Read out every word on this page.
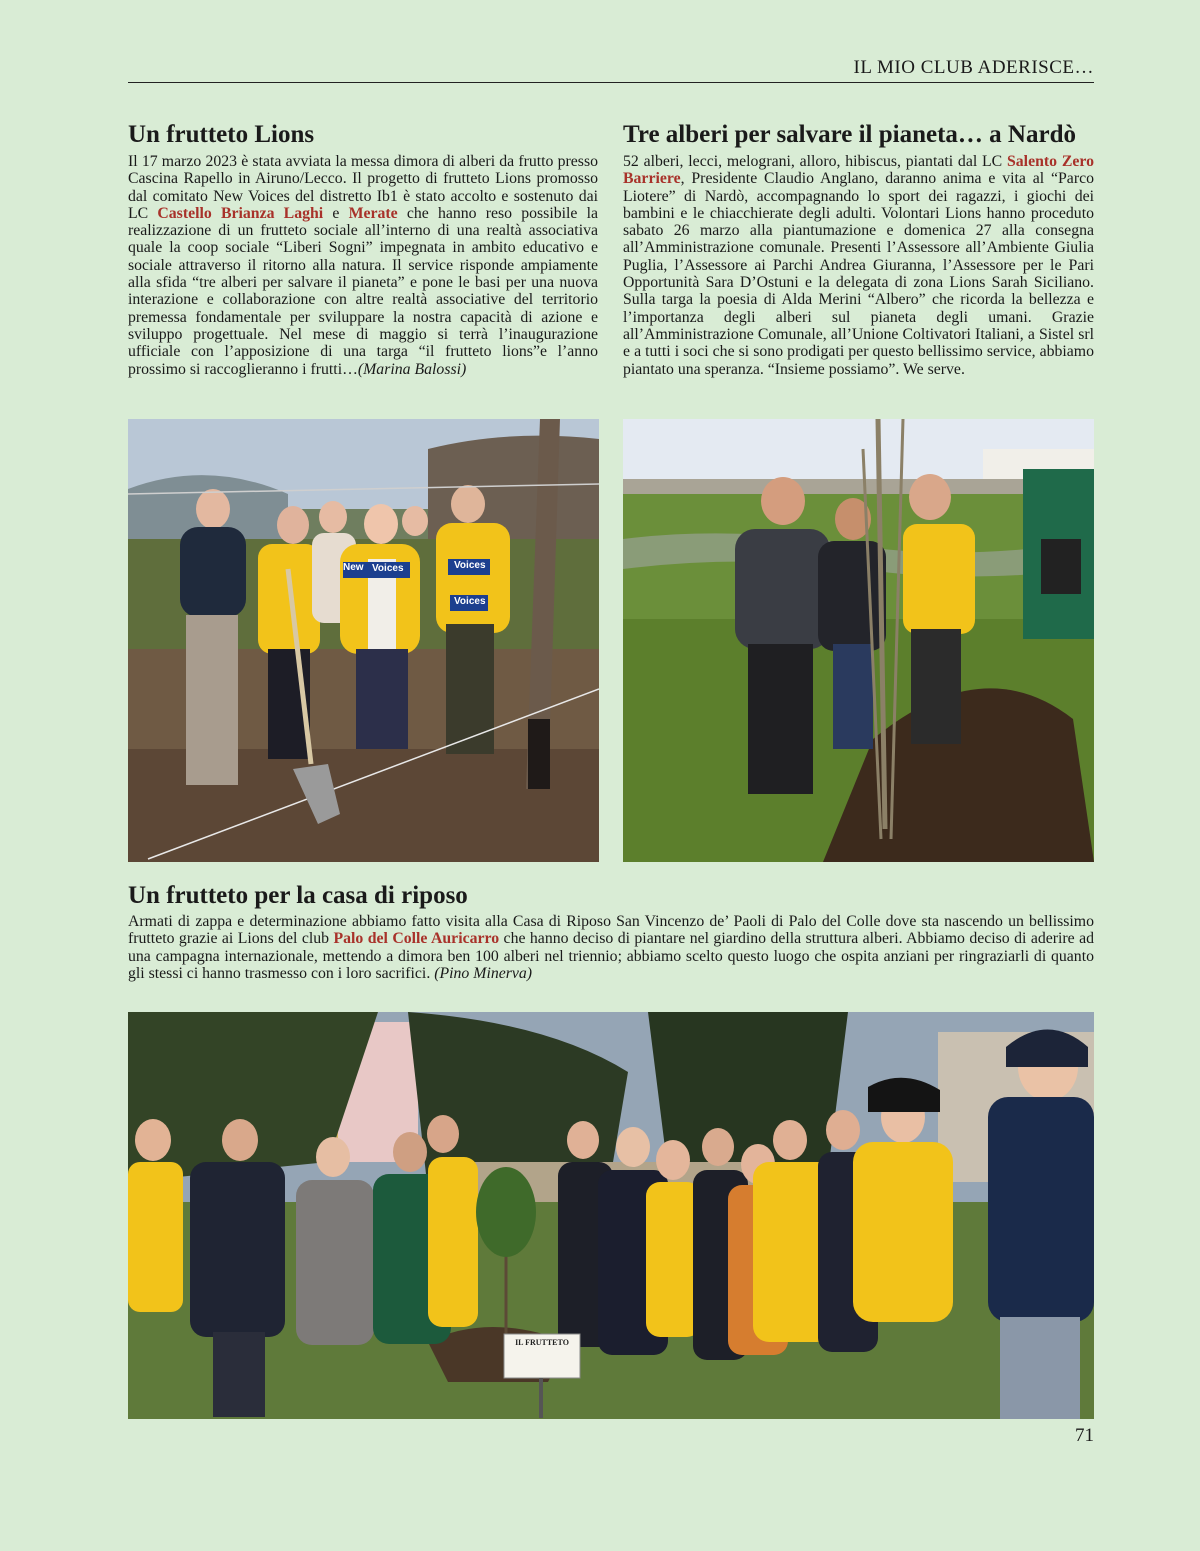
IL MIO CLUB ADERISCE…
Un frutteto Lions

Il 17 marzo 2023 è stata avviata la messa dimora di alberi da frutto presso Cascina Rapello in Airuno/Lecco. Il progetto di frutteto Lions promosso dal comitato New Voices del distretto Ib1 è stato accolto e sostenuto dai LC Castello Brianza Laghi e Merate che hanno reso possibile la realizzazione di un frutteto sociale all’interno di una realtà associativa quale la coop sociale “Liberi Sogni” impegnata in ambito educativo e sociale attraverso il ritorno alla natura. Il service risponde ampiamente alla sfida “tre alberi per salvare il pianeta” e pone le basi per una nuova interazione e collaborazione con altre realtà associative del territorio premessa fondamentale per sviluppare la nostra capacità di azione e sviluppo progettuale. Nel mese di maggio si terrà l’inaugurazione ufficiale con l’apposizione di una targa “il frutteto lions”e l’anno prossimo si raccoglieranno i frutti…(Marina Balossi)

Tre alberi per salvare il pianeta… a Nardò

52 alberi, lecci, melograni, alloro, hibiscus, piantati dal LC Salento Zero Barriere, Presidente Claudio Anglano, daranno anima e vita al “Parco Liotere” di Nardò, accompagnando lo sport dei ragazzi, i giochi dei bambini e le chiacchierate degli adulti. Volontari Lions hanno proceduto sabato 26 marzo alla piantumazione e domenica 27 alla consegna all’Amministrazione comunale. Presenti l’Assessore all’Ambiente Giulia Puglia, l’Assessore ai Parchi Andrea Giuranna, l’Assessore per le Pari Opportunità Sara D’Ostuni e la delegata di zona Lions Sarah Siciliano. Sulla targa la poesia di Alda Merini “Albero” che ricorda la bellezza e l’importanza degli alberi sul pianeta degli umani. Grazie all’Amministrazione Comunale, all’Unione Coltivatori Italiani, a Sistel srl e a tutti i soci che si sono prodigati per questo bellissimo service, abbiamo piantato una speranza. “Insieme possiamo”. We serve.

New Voices	Voices
Voices
Un frutteto per la casa di riposo

Armati di zappa e determinazione abbiamo fatto visita alla Casa di Riposo San Vincenzo de’ Paoli di Palo del Colle dove sta nascendo un bellissimo frutteto grazie ai Lions del club Palo del Colle Auricarro che hanno deciso di piantare nel giardino della struttura alberi. Abbiamo deciso di aderire ad una campagna internazionale, mettendo a dimora ben 100 alberi nel triennio; abbiamo scelto questo luogo che ospita anziani per ringraziarli di quanto gli stessi ci hanno trasmesso con i loro sacrifici. (Pino Minerva)

IL FRUTTETO
71
